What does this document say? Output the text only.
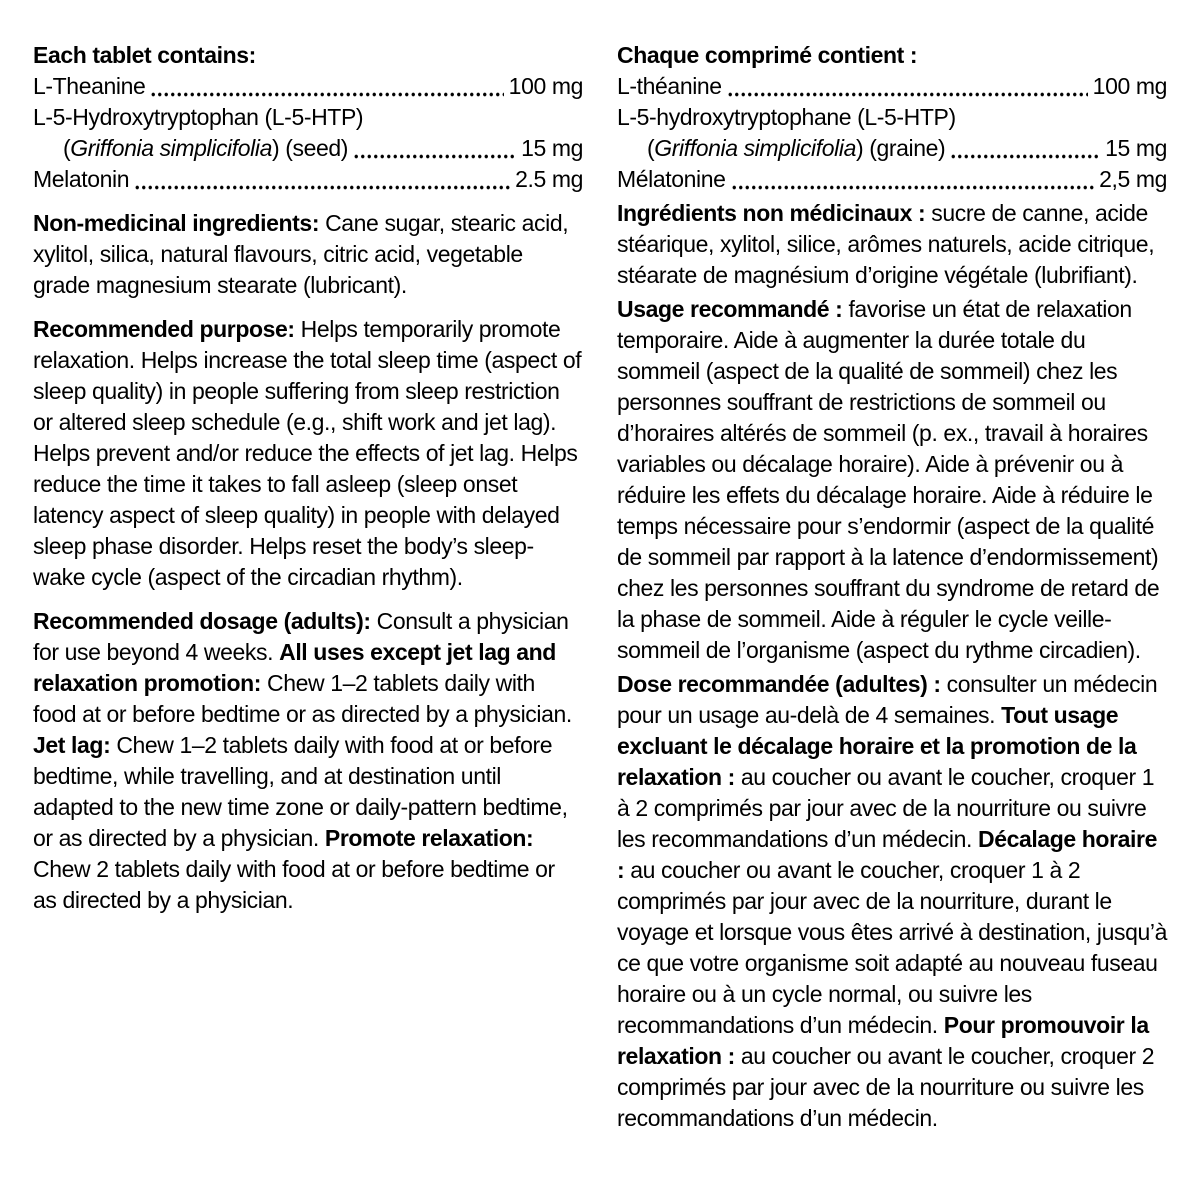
Each tablet contains:
L-Theanine	100 mg
L-5-Hydroxytryptophan (L-5-HTP)
(Griffonia simplicifolia) (seed)	15 mg
Melatonin	2.5 mg

Non-medicinal ingredients: Cane sugar, stearic acid, xylitol, silica, natural flavours, citric acid, vegetable grade magnesium stearate (lubricant).

Recommended purpose: Helps temporarily promote relaxation. Helps increase the total sleep time (aspect of sleep quality) in people suffering from sleep restriction or altered sleep schedule (e.g., shift work and jet lag). Helps prevent and/or reduce the effects of jet lag. Helps reduce the time it takes to fall asleep (sleep onset latency aspect of sleep quality) in people with delayed sleep phase disorder. Helps reset the body’s sleep-wake cycle (aspect of the circadian rhythm).

Recommended dosage (adults): Consult a physician for use beyond 4 weeks. All uses except jet lag and relaxation promotion: Chew 1–2 tablets daily with food at or before bedtime or as directed by a physician. Jet lag: Chew 1–2 tablets daily with food at or before bedtime, while travelling, and at destination until adapted to the new time zone or daily-pattern bedtime, or as directed by a physician. Promote relaxation: Chew 2 tablets daily with food at or before bedtime or as directed by a physician.

Chaque comprimé contient :
L-théanine	100 mg
L-5-hydroxytryptophane (L-5-HTP)
(Griffonia simplicifolia) (graine)	15 mg
Mélatonine	2,5 mg

Ingrédients non médicinaux : sucre de canne, acide stéarique, xylitol, silice, arômes naturels, acide citrique, stéarate de magnésium d’origine végétale (lubrifiant).

Usage recommandé : favorise un état de relaxation temporaire. Aide à augmenter la durée totale du sommeil (aspect de la qualité de sommeil) chez les personnes souffrant de restrictions de sommeil ou d’horaires altérés de sommeil (p. ex., travail à horaires variables ou décalage horaire). Aide à prévenir ou à réduire les effets du décalage horaire. Aide à réduire le temps nécessaire pour s’endormir (aspect de la qualité de sommeil par rapport à la latence d’endormissement) chez les personnes souffrant du syndrome de retard de la phase de sommeil. Aide à réguler le cycle veille-sommeil de l’organisme (aspect du rythme circadien).

Dose recommandée (adultes) : consulter un médecin pour un usage au-delà de 4 semaines. Tout usage excluant le décalage horaire et la promotion de la relaxation : au coucher ou avant le coucher, croquer 1 à 2 comprimés par jour avec de la nourriture ou suivre les recommandations d’un médecin. Décalage horaire : au coucher ou avant le coucher, croquer 1 à 2 comprimés par jour avec de la nourriture, durant le voyage et lorsque vous êtes arrivé à destination, jusqu’à ce que votre organisme soit adapté au nouveau fuseau horaire ou à un cycle normal, ou suivre les recommandations d’un médecin. Pour promouvoir la relaxation : au coucher ou avant le coucher, croquer 2 comprimés par jour avec de la nourriture ou suivre les recommandations d’un médecin.
